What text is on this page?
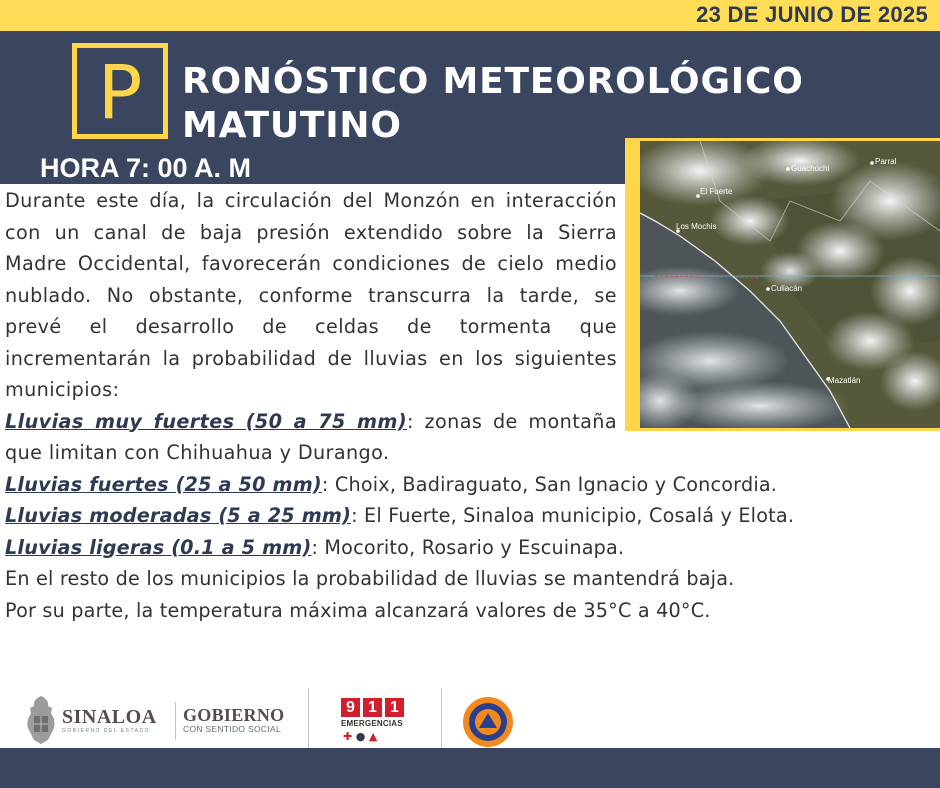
23 DE JUNIO DE 2025
P	RONÓSTICO METEOROLÓGICO
MATUTINO
HORA 7: 00 A. M	Guachochi
Parral
El Fuerte
Los Mochis
Culiacán
Mazatlán

Durante este día, la circulación del Monzón en interacción con un canal de baja presión extendido sobre la Sierra Madre Occidental, favorecerán condiciones de cielo medio nublado. No obstante, conforme transcurra la tarde, se prevé el desarrollo de celdas de tormenta que incrementarán la probabilidad de lluvias en los siguientes municipios:

Lluvias muy fuertes (50 a 75 mm): zonas de montaña que limitan con Chihuahua y Durango.

Lluvias fuertes (25 a 50 mm): Choix, Badiraguato, San Ignacio y Concordia.

Lluvias moderadas (5 a 25 mm): El Fuerte, Sinaloa municipio, Cosalá y Elota.

Lluvias ligeras (0.1 a 5 mm): Mocorito, Rosario y Escuinapa.

En el resto de los municipios la probabilidad de lluvias se mantendrá baja.

Por su parte, la temperatura máxima alcanzará valores de 35°C a 40°C.

SINALOA
GOBIERNO DEL ESTADO
GOBIERNO
CON SENTIDO SOCIAL
9 1 1
EMERGENCIAS
✚ ● ▲
